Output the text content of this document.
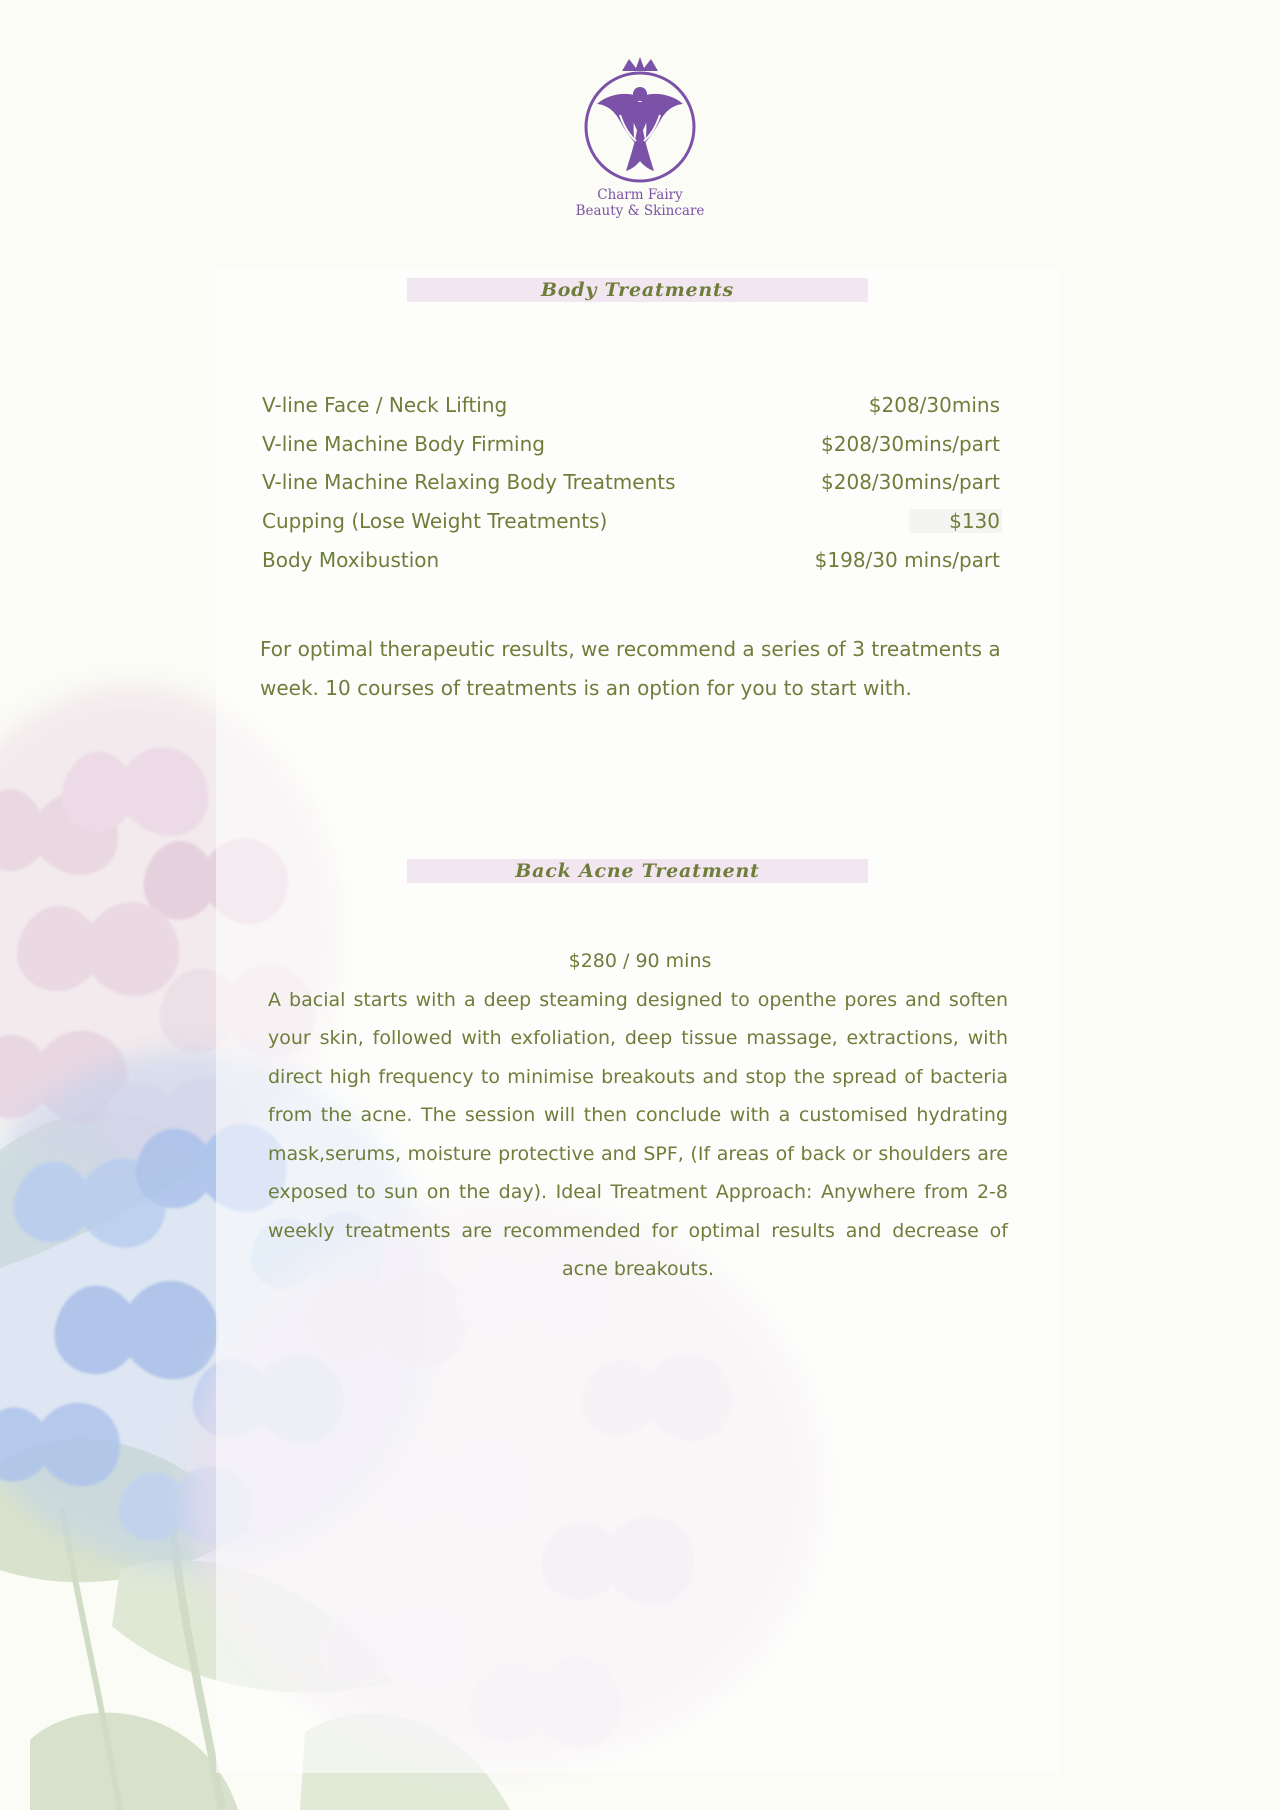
Charm Fairy
Beauty & Skincare
Body Treatments
V-line Face / Neck Lifting	$208/30mins
V-line Machine Body Firming	$208/30mins/part
V-line Machine Relaxing Body Treatments	$208/30mins/part
Cupping (Lose Weight Treatments)	$130
Body Moxibustion	$198/30 mins/part

For optimal therapeutic results, we recommend a series of 3 treatments a week. 10 courses of treatments is an option for you to start with.

Back Acne Treatment
$280 / 90 mins

A bacial starts with a deep steaming designed to openthe pores and soften your skin, followed with exfoliation, deep tissue massage, extractions, with direct high frequency to minimise breakouts and stop the spread of bacteria from the acne. The session will then conclude with a customised hydrating mask,serums, moisture protective and SPF, (If areas of back or shoulders are exposed to sun on the day). Ideal Treatment Approach: Anywhere from 2-8 weekly treatments are recommended for optimal results and decrease of acne breakouts.
